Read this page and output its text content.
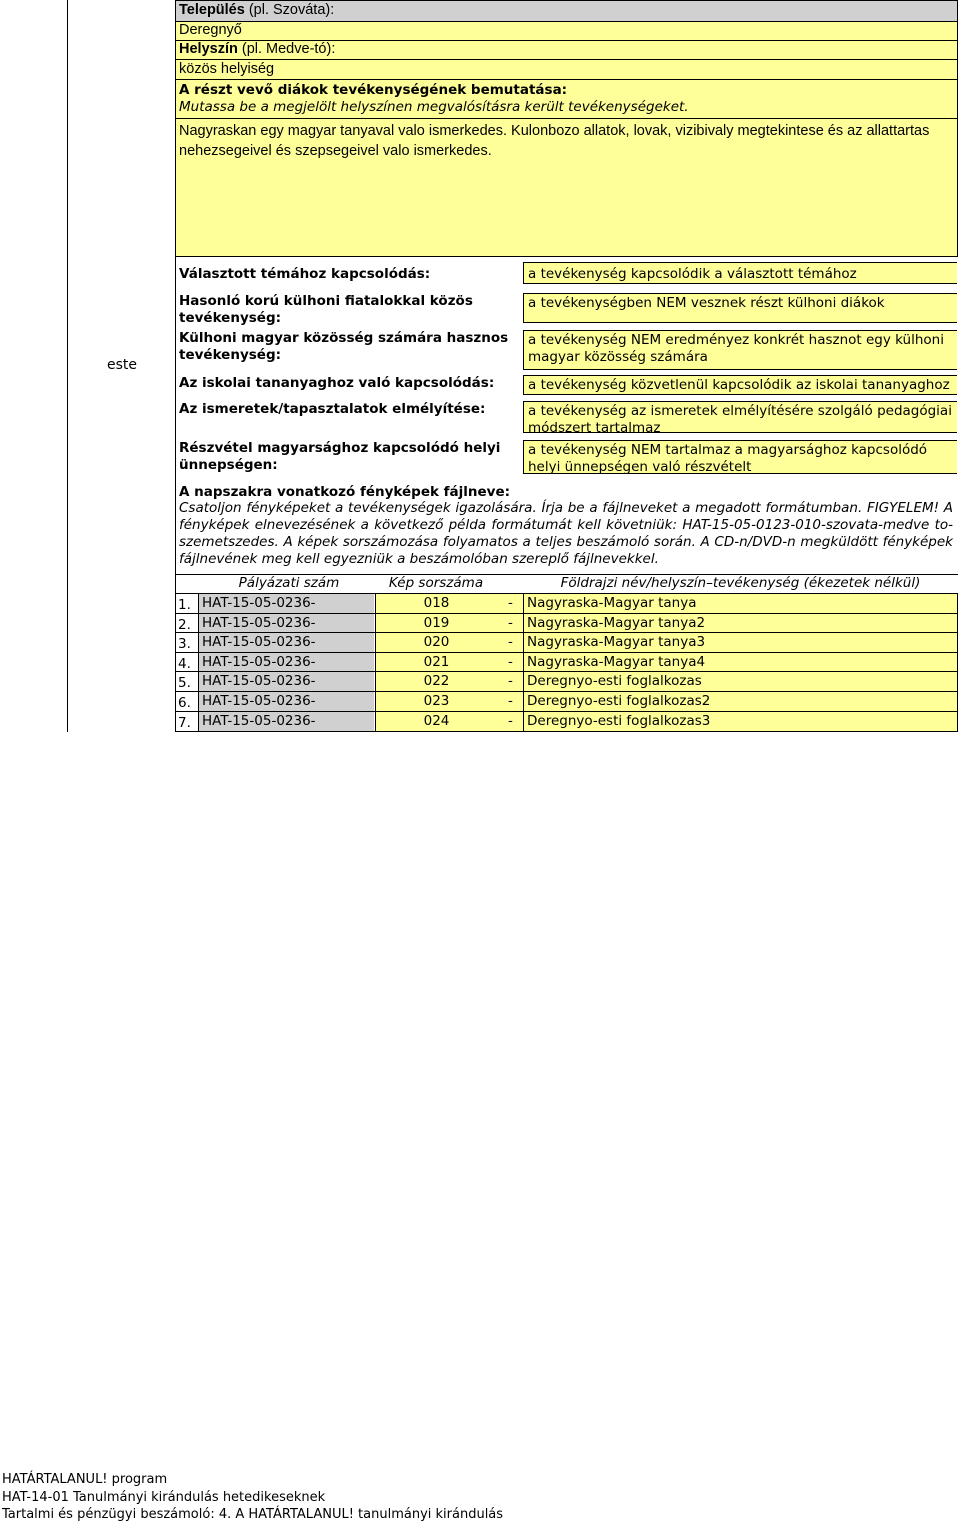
Település (pl. Szováta):
Deregnyő
Helyszín (pl. Medve-tó):
közös helyiség
A részt vevő diákok tevékenységének bemutatása:
Mutassa be a megjelölt helyszínen megvalósításra került tevékenységeket.
Nagyraskan egy magyar tanyaval valo ismerkedes. Kulonbozo allatok, lovak, vizibivaly megtekintese és az allattartas nehezsegeivel és szepsegeivel valo ismerkedes.
este
Választott témához kapcsolódás:	a tevékenység kapcsolódik a választott témához
Hasonló korú külhoni fiatalokkal közös tevékenység:
a tevékenységben NEM vesznek részt külhoni diákok
Külhoni magyar közösség számára hasznos tevékenység:
a tevékenység NEM eredményez konkrét hasznot egy külhoni magyar közösség számára
Az iskolai tananyaghoz való kapcsolódás:	a tevékenység közvetlenül kapcsolódik az iskolai tananyaghoz
Az ismeretek/tapasztalatok elmélyítése:	a tevékenység az ismeretek elmélyítésére szolgáló pedagógiai módszert tartalmaz
Részvétel magyarsághoz kapcsolódó helyi ünnepségen:
a tevékenység NEM tartalmaz a magyarsághoz kapcsolódó helyi ünnepségen való részvételt
A napszakra vonatkozó fényképek fájlneve:
Csatoljon fényképeket a tevékenységek igazolására. Írja be a fájlneveket a megadott formátumban. FIGYELEM! A fényképek elnevezésének a következő példa formátumát kell követniük: HAT-15-05-0123-010-szovata-medve to-szemetszedes. A képek sorszámozása folyamatos a teljes beszámoló során. A CD-n/DVD-n megküldött fényképek fájlnevének meg kell egyezniük a beszámolóban szereplő fájlnevekkel.
Pályázati szám	Kép sorszáma	Földrajzi név/helyszín–tevékenység (ékezetek nélkül)
1. HAT-15-05-0236-	018	-	Nagyraska-Magyar tanya
2. HAT-15-05-0236-	019	-	Nagyraska-Magyar tanya2
3. HAT-15-05-0236-	020	-	Nagyraska-Magyar tanya3
4. HAT-15-05-0236-	021	-	Nagyraska-Magyar tanya4
5. HAT-15-05-0236-	022	-	Deregnyo-esti foglalkozas
6. HAT-15-05-0236-	023	-	Deregnyo-esti foglalkozas2
7. HAT-15-05-0236-	024	-	Deregnyo-esti foglalkozas3
HATÁRTALANUL! program
HAT-14-01 Tanulmányi kirándulás hetedikeseknek
Tartalmi és pénzügyi beszámoló: 4. A HATÁRTALANUL! tanulmányi kirándulás
